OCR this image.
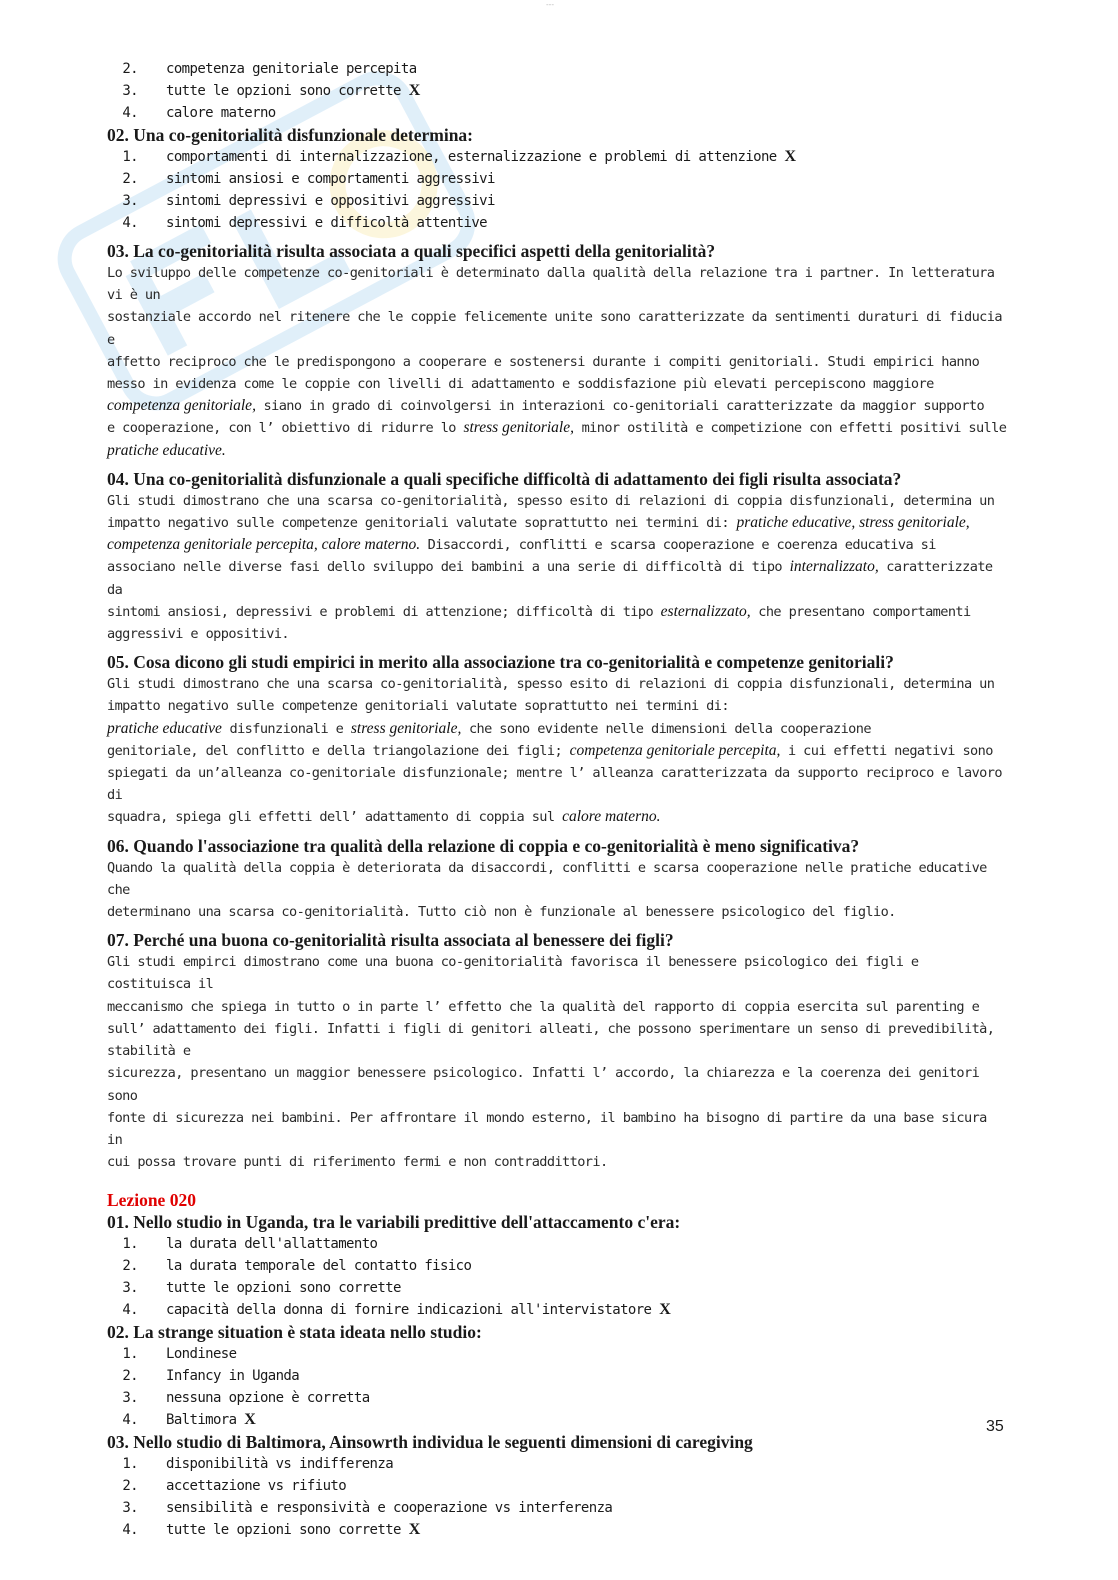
---
2. competenza genitoriale percepita
3. tutte le opzioni sono corrette X
4. calore materno

02. Una co-genitorialità disfunzionale determina:

1. comportamenti di internalizzazione, esternalizzazione e problemi di attenzione X
2. sintomi ansiosi e comportamenti aggressivi
3. sintomi depressivi e oppositivi aggressivi
4. sintomi depressivi e difficoltà attentive

03. La co-genitorialità risulta associata a quali specifici aspetti della genitorialità?

Lo sviluppo delle competenze co-genitoriali è determinato dalla qualità della relazione tra i partner. In letteratura vi è un
sostanziale accordo nel ritenere che le coppie felicemente unite sono caratterizzate da sentimenti duraturi di fiducia e
affetto reciproco che le predispongono a cooperare e sostenersi durante i compiti genitoriali. Studi empirici hanno
messo in evidenza come le coppie con livelli di adattamento e soddisfazione più elevati percepiscono maggiore
competenza genitoriale, siano in grado di coinvolgersi in interazioni co-genitoriali caratterizzate da maggior supporto
e cooperazione, con l’ obiettivo di ridurre lo stress genitoriale, minor ostilità e competizione con effetti positivi sulle
pratiche educative.

04. Una co-genitorialità disfunzionale a quali specifiche difficoltà di adattamento dei figli risulta associata?

Gli studi dimostrano che una scarsa co-genitorialità, spesso esito di relazioni di coppia disfunzionali, determina un
impatto negativo sulle competenze genitoriali valutate soprattutto nei termini di: pratiche educative, stress genitoriale,
competenza genitoriale percepita, calore materno. Disaccordi, conflitti e scarsa cooperazione e coerenza educativa si
associano nelle diverse fasi dello sviluppo dei bambini a una serie di difficoltà di tipo internalizzato, caratterizzate da
sintomi ansiosi, depressivi e problemi di attenzione; difficoltà di tipo esternalizzato, che presentano comportamenti
aggressivi e oppositivi.

05. Cosa dicono gli studi empirici in merito alla associazione tra co-genitorialità e competenze genitoriali?

Gli studi dimostrano che una scarsa co-genitorialità, spesso esito di relazioni di coppia disfunzionali, determina un
impatto negativo sulle competenze genitoriali valutate soprattutto nei termini di:
pratiche educative disfunzionali e stress genitoriale, che sono evidente nelle dimensioni della cooperazione
genitoriale, del conflitto e della triangolazione dei figli; competenza genitoriale percepita, i cui effetti negativi sono
spiegati da un’alleanza co-genitoriale disfunzionale; mentre l’ alleanza caratterizzata da supporto reciproco e lavoro di
squadra, spiega gli effetti dell’ adattamento di coppia sul calore materno.

06. Quando l'associazione tra qualità della relazione di coppia e co-genitorialità è meno significativa?

Quando la qualità della coppia è deteriorata da disaccordi, conflitti e scarsa cooperazione nelle pratiche educative che
determinano una scarsa co-genitorialità. Tutto ciò non è funzionale al benessere psicologico del figlio.

07. Perché una buona co-genitorialità risulta associata al benessere dei figli?

Gli studi empirci dimostrano come una buona co-genitorialità favorisca il benessere psicologico dei figli e costituisca il
meccanismo che spiega in tutto o in parte l’ effetto che la qualità del rapporto di coppia esercita sul parenting e
sull’ adattamento dei figli. Infatti i figli di genitori alleati, che possono sperimentare un senso di prevedibilità, stabilità e
sicurezza, presentano un maggior benessere psicologico. Infatti l’ accordo, la chiarezza e la coerenza dei genitori sono
fonte di sicurezza nei bambini. Per affrontare il mondo esterno, il bambino ha bisogno di partire da una base sicura in
cui possa trovare punti di riferimento fermi e non contraddittori.

Lezione 020

01. Nello studio in Uganda, tra le variabili predittive dell'attaccamento c'era:

1. la durata dell'allattamento
2. la durata temporale del contatto fisico
3. tutte le opzioni sono corrette
4. capacità della donna di fornire indicazioni all'intervistatore X

02. La strange situation è stata ideata nello studio:

1. Londinese
2. Infancy in Uganda
3. nessuna opzione è corretta
4. Baltimora X

03. Nello studio di Baltimora, Ainsowrth individua le seguenti dimensioni di caregiving

1. disponibilità vs indifferenza
2. accettazione vs rifiuto
3. sensibilità e responsività e cooperazione vs interferenza
4. tutte le opzioni sono corrette X
35
